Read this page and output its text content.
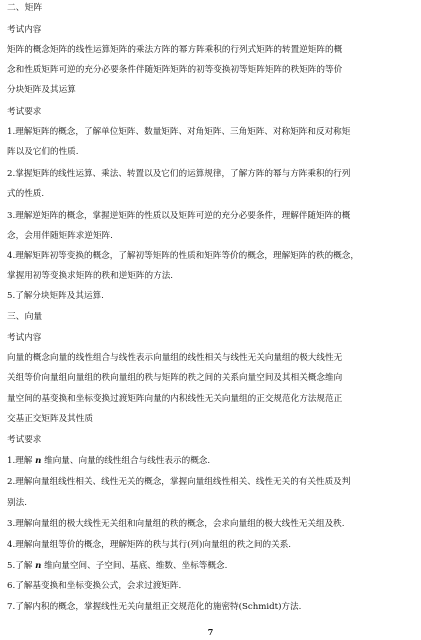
二、矩阵
考试内容
矩阵的概念矩阵的线性运算矩阵的乘法方阵的幂方阵乘积的行列式矩阵的转置逆矩阵的概
念和性质矩阵可逆的充分必要条件伴随矩阵矩阵的初等变换初等矩阵矩阵的秩矩阵的等价
分块矩阵及其运算
考试要求
1.理解矩阵的概念，了解单位矩阵、数量矩阵、对角矩阵、三角矩阵、对称矩阵和反对称矩
阵以及它们的性质.
2.掌握矩阵的线性运算、乘法、转置以及它们的运算规律，了解方阵的幂与方阵乘积的行列
式的性质.
3.理解逆矩阵的概念，掌握逆矩阵的性质以及矩阵可逆的充分必要条件，理解伴随矩阵的概
念，会用伴随矩阵求逆矩阵.
4.理解矩阵初等变换的概念，了解初等矩阵的性质和矩阵等价的概念，理解矩阵的秩的概念，
掌握用初等变换求矩阵的秩和逆矩阵的方法.
5.了解分块矩阵及其运算.
三、向量
考试内容
向量的概念向量的线性组合与线性表示向量组的线性相关与线性无关向量组的极大线性无
关组等价向量组向量组的秩向量组的秩与矩阵的秩之间的关系向量空间及其相关概念维向
量空间的基变换和坐标变换过渡矩阵向量的内积线性无关向量组的正交规范化方法规范正
交基正交矩阵及其性质
考试要求
1.理解 n 维向量、向量的线性组合与线性表示的概念.
2.理解向量组线性相关、线性无关的概念，掌握向量组线性相关、线性无关的有关性质及判
别法.
3.理解向量组的极大线性无关组和向量组的秩的概念，会求向量组的极大线性无关组及秩.
4.理解向量组等价的概念，理解矩阵的秩与其行(列)向量组的秩之间的关系.
5.了解 n 维向量空间、子空间、基底、维数、坐标等概念.
6.了解基变换和坐标变换公式，会求过渡矩阵.
7.了解内积的概念，掌握线性无关向量组正交规范化的施密特(Schmidt)方法.
7
